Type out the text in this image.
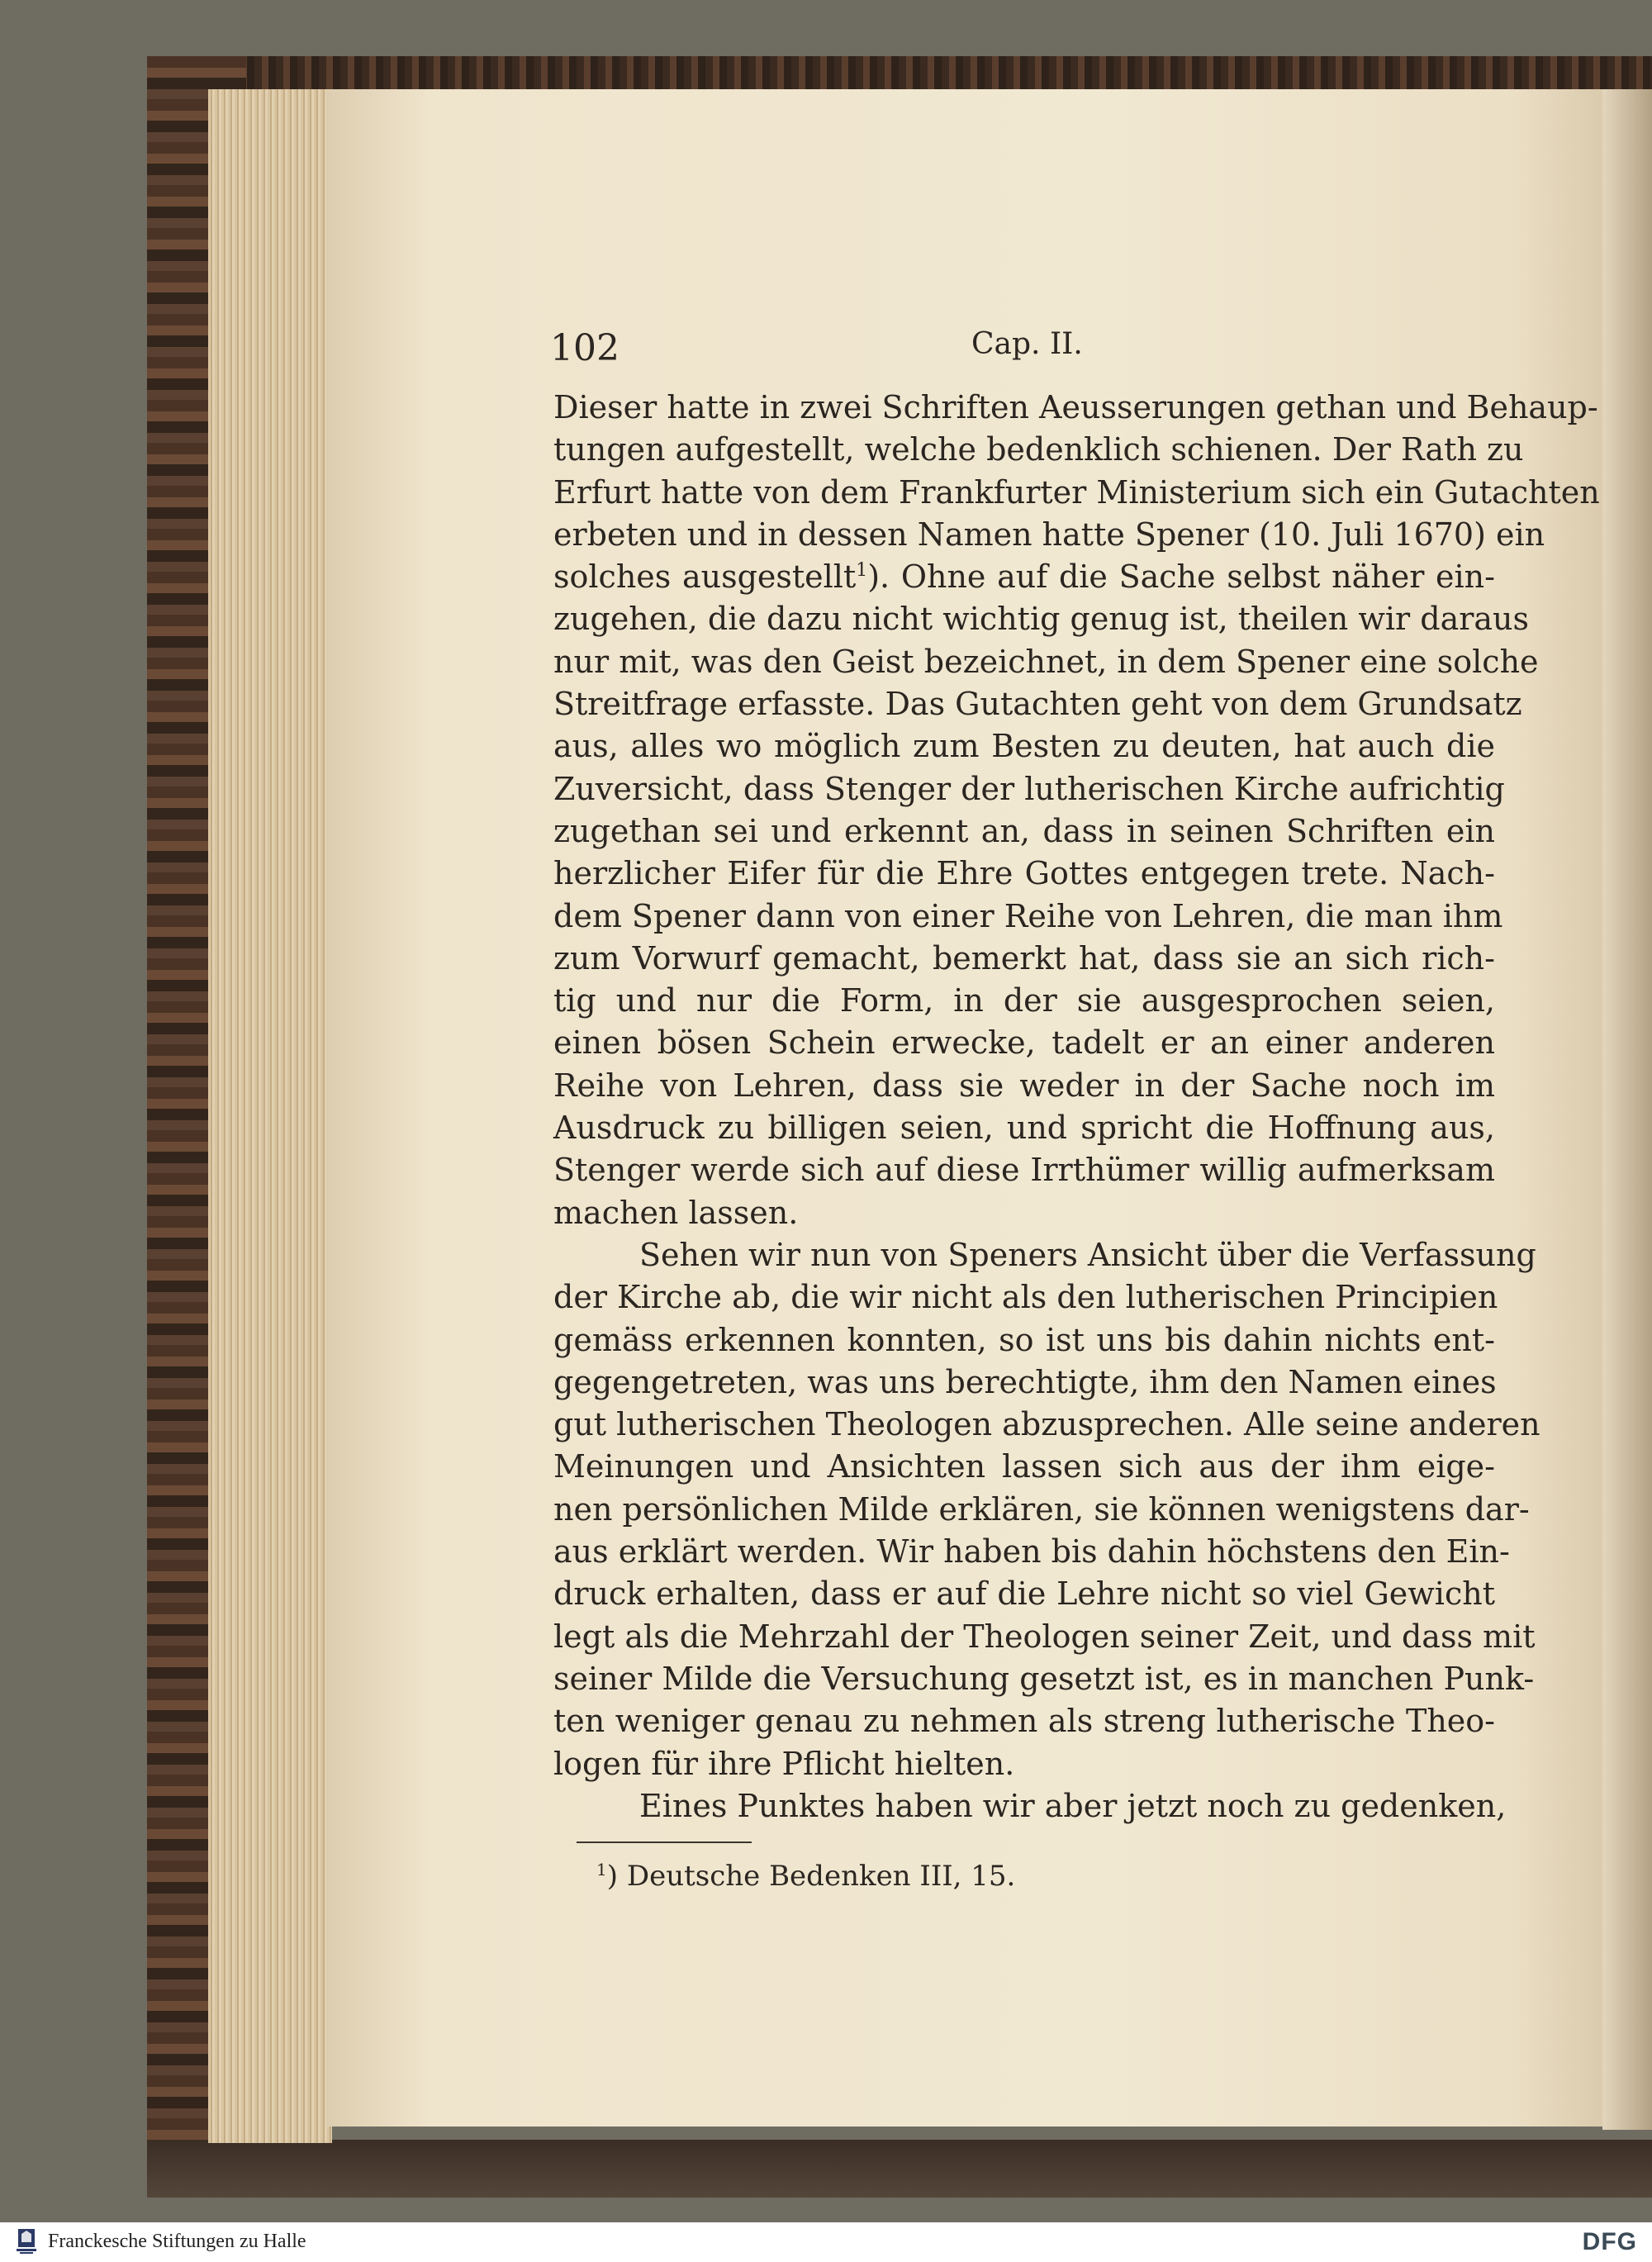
102	Cap. II.
Dieser hatte in zwei Schriften Aeusserungen gethan und Behaup-
tungen aufgestellt, welche bedenklich schienen. Der Rath zu
Erfurt hatte von dem Frankfurter Ministerium sich ein Gutachten
erbeten und in dessen Namen hatte Spener (10. Juli 1670) ein
solches ausgestellt$^1$). Ohne auf die Sache selbst näher ein-
zugehen, die dazu nicht wichtig genug ist, theilen wir daraus
nur mit, was den Geist bezeichnet, in dem Spener eine solche
Streitfrage erfasste. Das Gutachten geht von dem Grundsatz
aus, alles wo möglich zum Besten zu deuten, hat auch die
Zuversicht, dass Stenger der lutherischen Kirche aufrichtig
zugethan sei und erkennt an, dass in seinen Schriften ein
herzlicher Eifer für die Ehre Gottes entgegen trete. Nach-
dem Spener dann von einer Reihe von Lehren, die man ihm
zum Vorwurf gemacht, bemerkt hat, dass sie an sich rich-
tig und nur die Form, in der sie ausgesprochen seien,
einen bösen Schein erwecke, tadelt er an einer anderen
Reihe von Lehren, dass sie weder in der Sache noch im
Ausdruck zu billigen seien, und spricht die Hoffnung aus,
Stenger werde sich auf diese Irrthümer willig aufmerksam
machen lassen.
Sehen wir nun von Speners Ansicht über die Verfassung
der Kirche ab, die wir nicht als den lutherischen Principien
gemäss erkennen konnten, so ist uns bis dahin nichts ent-
gegengetreten, was uns berechtigte, ihm den Namen eines
gut lutherischen Theologen abzusprechen. Alle seine anderen
Meinungen und Ansichten lassen sich aus der ihm eige-
nen persönlichen Milde erklären, sie können wenigstens dar-
aus erklärt werden. Wir haben bis dahin höchstens den Ein-
druck erhalten, dass er auf die Lehre nicht so viel Gewicht
legt als die Mehrzahl der Theologen seiner Zeit, und dass mit
seiner Milde die Versuchung gesetzt ist, es in manchen Punk-
ten weniger genau zu nehmen als streng lutherische Theo-
logen für ihre Pflicht hielten.
Eines Punktes haben wir aber jetzt noch zu gedenken,
$^1$) Deutsche Bedenken III, 15.
Franckesche Stiftungen zu Halle	DFG
